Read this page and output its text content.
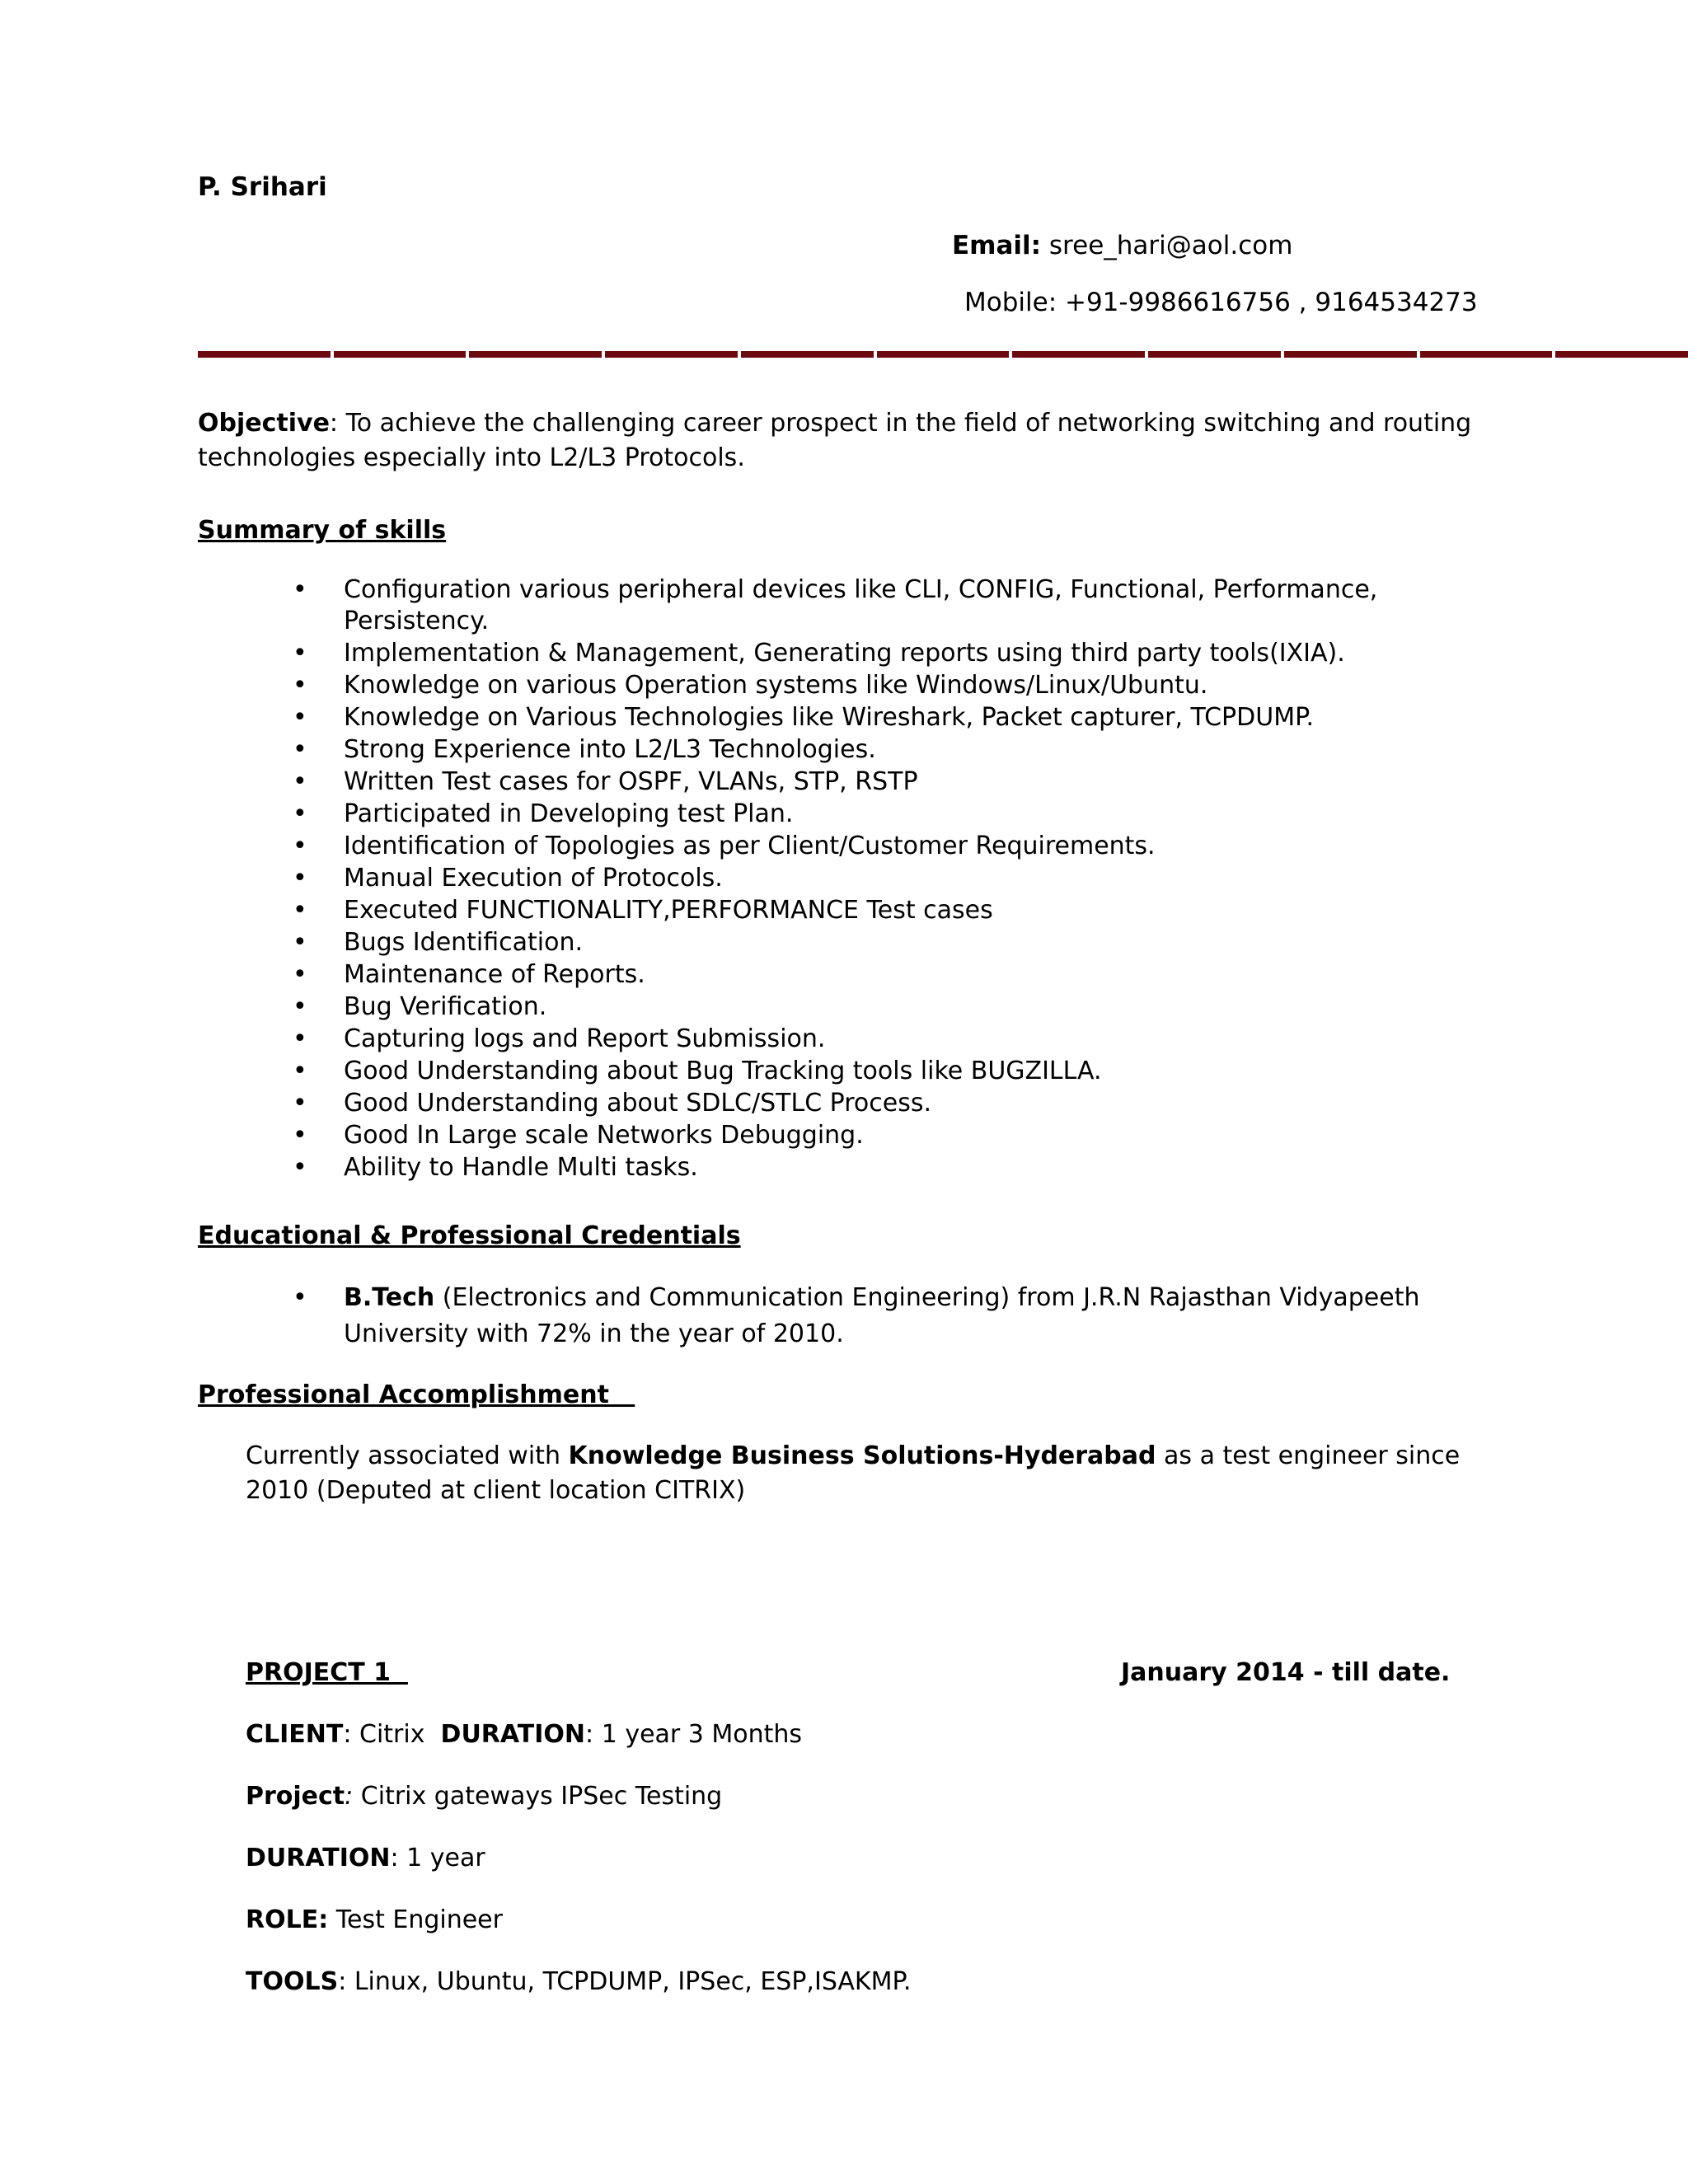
P. Srihari
Email: sree_hari@aol.com
Mobile: +91-9986616756 , 9164534273
Objective: To achieve the challenging career prospect in the field of networking switching and routing technologies especially into L2/L3 Protocols.
Summary of skills
• Configuration various peripheral devices like CLI, CONFIG, Functional, Performance, Persistency.
• Implementation & Management, Generating reports using third party tools(IXIA).
• Knowledge on various Operation systems like Windows/Linux/Ubuntu.
• Knowledge on Various Technologies like Wireshark, Packet capturer, TCPDUMP.
• Strong Experience into L2/L3 Technologies.
• Written Test cases for OSPF, VLANs, STP, RSTP
• Participated in Developing test Plan.
• Identification of Topologies as per Client/Customer Requirements.
• Manual Execution of Protocols.
• Executed FUNCTIONALITY,PERFORMANCE Test cases
• Bugs Identification.
• Maintenance of Reports.
• Bug Verification.
• Capturing logs and Report Submission.
• Good Understanding about Bug Tracking tools like BUGZILLA.
• Good Understanding about SDLC/STLC Process.
• Good In Large scale Networks Debugging.
• Ability to Handle Multi tasks.
Educational & Professional Credentials
• B.Tech (Electronics and Communication Engineering) from J.R.N Rajasthan Vidyapeeth University with 72% in the year of 2010.
Professional Accomplishment
Currently associated with Knowledge Business Solutions-Hyderabad as a test engineer since 2010 (Deputed at client location CITRIX)
PROJECT 1	January 2014 - till date.
CLIENT: Citrix  DURATION: 1 year 3 Months
Project: Citrix gateways IPSec Testing
DURATION: 1 year
ROLE: Test Engineer
TOOLS: Linux, Ubuntu, TCPDUMP, IPSec, ESP,ISAKMP.
